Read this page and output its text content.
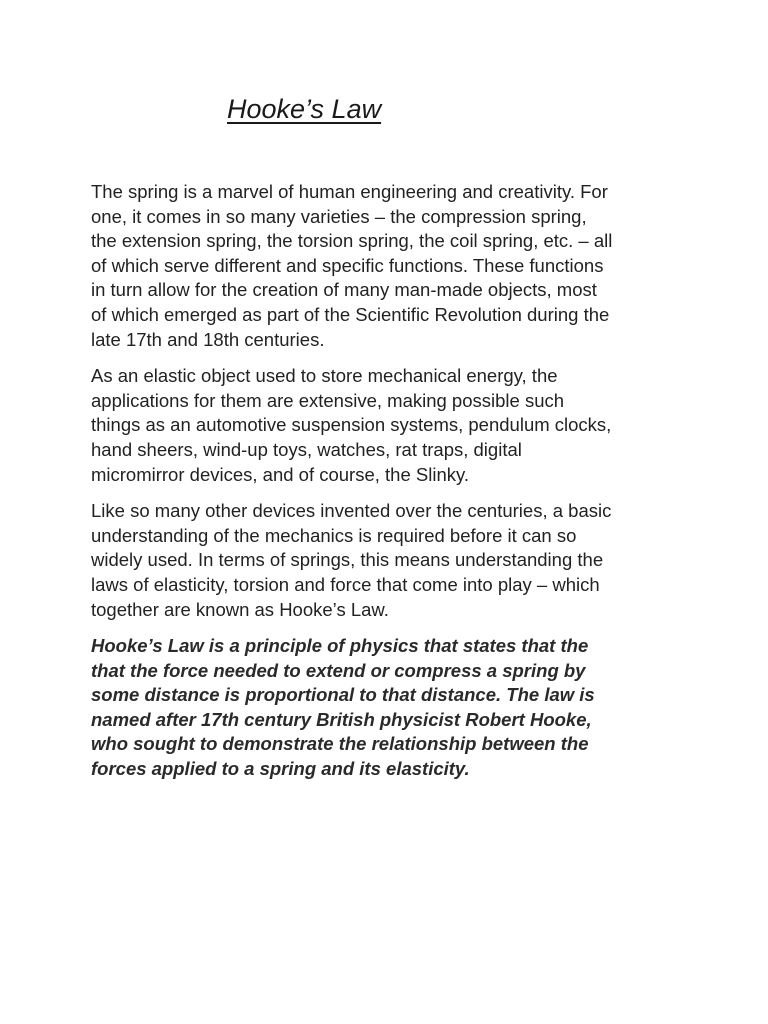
Hooke’s Law

The spring is a marvel of human engineering and creativity. For
one, it comes in so many varieties – the compression spring,
the extension spring, the torsion spring, the coil spring, etc. – all
of which serve different and specific functions. These functions
in turn allow for the creation of many man-made objects, most
of which emerged as part of the Scientific Revolution during the
late 17th and 18th centuries.

As an elastic object used to store mechanical energy, the
applications for them are extensive, making possible such
things as an automotive suspension systems, pendulum clocks,
hand sheers, wind-up toys, watches, rat traps, digital
micromirror devices, and of course, the Slinky.

Like so many other devices invented over the centuries, a basic
understanding of the mechanics is required before it can so
widely used. In terms of springs, this means understanding the
laws of elasticity, torsion and force that come into play – which
together are known as Hooke’s Law.

Hooke’s Law is a principle of physics that states that the
that the force needed to extend or compress a spring by
some distance is proportional to that distance. The law is
named after 17th century British physicist Robert Hooke,
who sought to demonstrate the relationship between the
forces applied to a spring and its elasticity.
